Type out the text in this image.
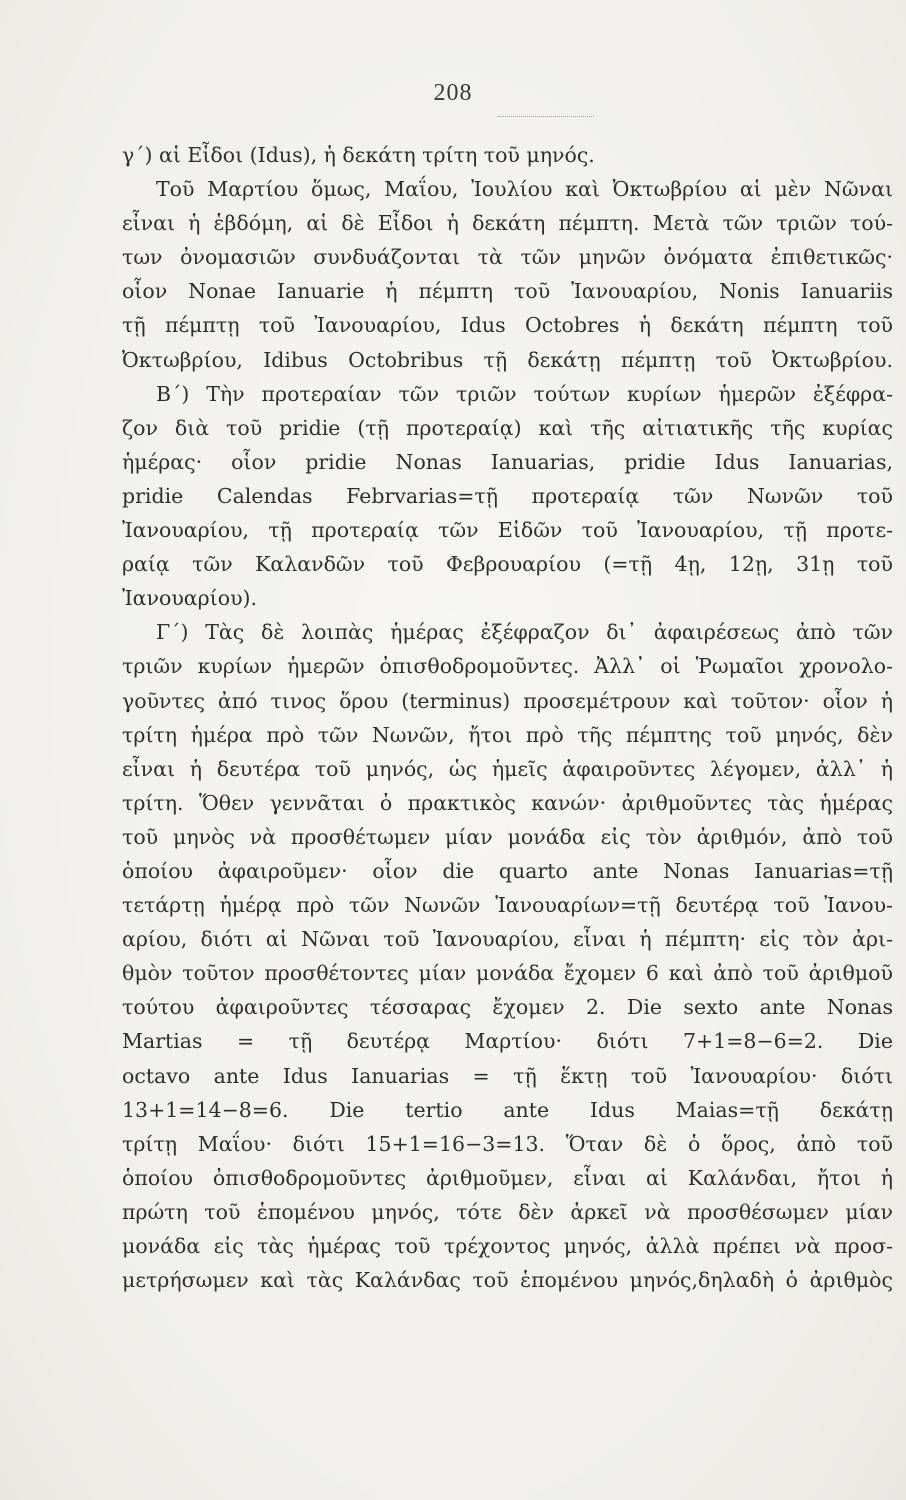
208
γ΄) αἱ Εἶδοι (Idus), ἡ δεκάτη τρίτη τοῦ μηνός.
Τοῦ Μαρτίου ὅμως, Μαΐου, Ἰουλίου καὶ Ὀκτωβρίου αἱ μὲν Νῶναι
εἶναι ἡ ἑβδόμη, αἱ δὲ Εἶδοι ἡ δεκάτη πέμπτη. Μετὰ τῶν τριῶν τού-
των ὀνομασιῶν συνδυάζονται τὰ τῶν μηνῶν ὀνόματα ἐπιθετικῶς·
οἷον Nonae Ianuarie ἡ πέμπτη τοῦ Ἰανουαρίου, Nonis Ianuariis
τῇ πέμπτῃ τοῦ Ἰανουαρίου, Idus Octobres ἡ δεκάτη πέμπτη τοῦ
Ὀκτωβρίου, Idibus Octobribus τῇ δεκάτῃ πέμπτῃ τοῦ Ὀκτωβρίου.
Β΄) Τὴν προτεραίαν τῶν τριῶν τούτων κυρίων ἡμερῶν ἐξέφρα-
ζον διὰ τοῦ pridie (τῇ προτεραίᾳ) καὶ τῆς αἰτιατικῆς τῆς κυρίας
ἡμέρας· οἷον pridie Nonas Ianuarias, pridie Idus Ianuarias,
pridie Calendas Febrvarias=τῇ προτεραίᾳ τῶν Νωνῶν τοῦ
Ἰανουαρίου, τῇ προτεραίᾳ τῶν Εἰδῶν τοῦ Ἰανουαρίου, τῇ προτε-
ραίᾳ τῶν Καλανδῶν τοῦ Φεβρουαρίου (=τῇ 4ῃ, 12ῃ, 31ῃ τοῦ
Ἰανουαρίου).
Γ΄) Τὰς δὲ λοιπὰς ἡμέρας ἐξέφραζον δι᾽ ἀφαιρέσεως ἀπὸ τῶν
τριῶν κυρίων ἡμερῶν ὀπισθοδρομοῦντες. Ἀλλ᾽ οἱ Ῥωμαῖοι χρονολο-
γοῦντες ἀπό τινος ὅρου (terminus) προσεμέτρουν καὶ τοῦτον· οἷον ἡ
τρίτη ἡμέρα πρὸ τῶν Νωνῶν, ἤτοι πρὸ τῆς πέμπτης τοῦ μηνός, δὲν
εἶναι ἡ δευτέρα τοῦ μηνός, ὡς ἡμεῖς ἀφαιροῦντες λέγομεν, ἀλλ᾽ ἡ
τρίτη. Ὅθεν γεννᾶται ὁ πρακτικὸς κανών· ἀριθμοῦντες τὰς ἡμέρας
τοῦ μηνὸς νὰ προσθέτωμεν μίαν μονάδα εἰς τὸν ἀριθμόν, ἀπὸ τοῦ
ὁποίου ἀφαιροῦμεν· οἷον die quarto ante Nonas Ianuarias=τῇ
τετάρτῃ ἡμέρᾳ πρὸ τῶν Νωνῶν Ἰανουαρίων=τῇ δευτέρᾳ τοῦ Ἰανου-
αρίου, διότι αἱ Νῶναι τοῦ Ἰανουαρίου, εἶναι ἡ πέμπτη· εἰς τὸν ἀρι-
θμὸν τοῦτον προσθέτοντες μίαν μονάδα ἔχομεν 6 καὶ ἀπὸ τοῦ ἀριθμοῦ
τούτου ἀφαιροῦντες τέσσαρας ἔχομεν 2. Die sexto ante Nonas
Martias = τῇ δευτέρᾳ Μαρτίου· διότι 7+1=8−6=2. Die
octavo ante Idus Ianuarias = τῇ ἕκτῃ τοῦ Ἰανουαρίου· διότι
13+1=14−8=6. Die tertio ante Idus Maias=τῇ δεκάτῃ
τρίτῃ Μαΐου· διότι 15+1=16−3=13. Ὅταν δὲ ὁ ὅρος, ἀπὸ τοῦ
ὁποίου ὀπισθοδρομοῦντες ἀριθμοῦμεν, εἶναι αἱ Καλάνδαι, ἤτοι ἡ
πρώτη τοῦ ἑπομένου μηνός, τότε δὲν ἀρκεῖ νὰ προσθέσωμεν μίαν
μονάδα εἰς τὰς ἡμέρας τοῦ τρέχοντος μηνός, ἀλλὰ πρέπει νὰ προσ-
μετρήσωμεν καὶ τὰς Καλάνδας τοῦ ἑπομένου μηνός,δηλαδὴ ὁ ἀριθμὸς
